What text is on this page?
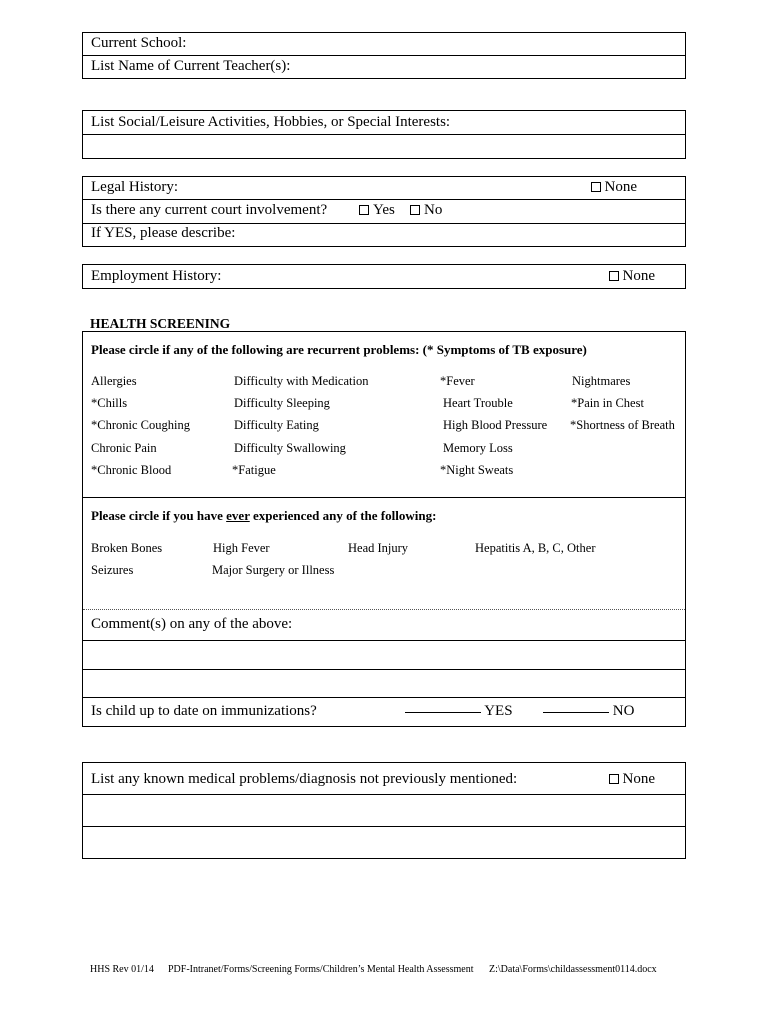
Current School:
List Name of Current Teacher(s):
List Social/Leisure Activities, Hobbies, or Special Interests:
Legal History:	None
Is there any current court involvement?	Yes	No
If YES, please describe:
Employment History:	None
HEALTH SCREENING
Please circle if any of the following are recurrent problems: (* Symptoms of TB exposure)
Allergies	Difficulty with Medication	*Fever	Nightmares
*Chills	Difficulty Sleeping	Heart Trouble	*Pain in Chest
*Chronic Coughing	Difficulty Eating	High Blood Pressure *Shortness of Breath
Chronic Pain	Difficulty Swallowing	Memory Loss
*Chronic Blood	*Fatigue	*Night Sweats
Please circle if you have ever experienced any of the following:
Broken Bones	High Fever	Head Injury	Hepatitis A, B, C, Other
Seizures	Major Surgery or Illness
Comment(s) on any of the above:
Is child up to date on immunizations?	YES	NO
List any known medical problems/diagnosis not previously mentioned:	None
HHS Rev 01/14 PDF-Intranet/Forms/Screening Forms/Children’s Mental Health Assessment Z:\Data\Forms\childassessment0114.docx
